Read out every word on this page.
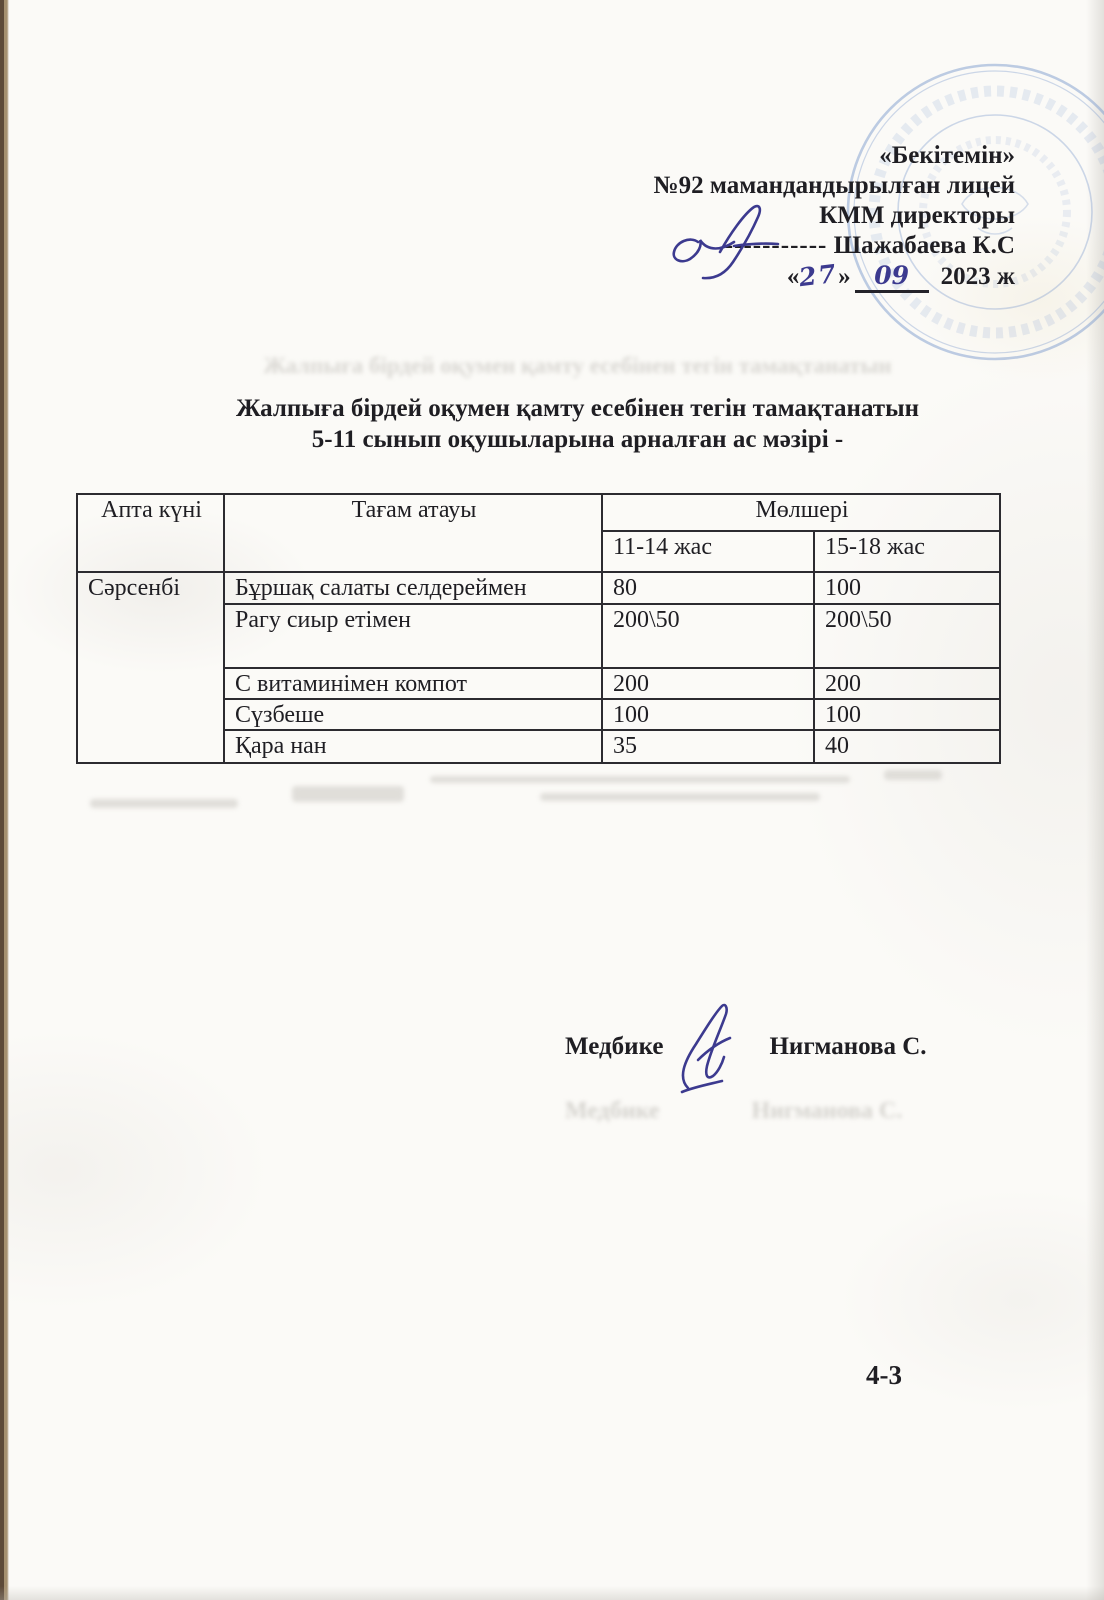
Жалпыға бірдей оқумен қамту есебінен тегін тамақтанатын
Медбике	Нигманова С.
«Бекітемін»
№92 мамандандырылған лицей
КММ директоры
----------- Шажабаева К.С
«27» 09 2023 ж
Жалпыға бірдей оқумен қамту есебінен тегін тамақтанатын
5-11 сынып оқушыларына арналған ас мәзірі -
Апта күні	Тағам атауы	Мөлшері	
		11-14 жас	15-18 жас
Сәрсенбі	Бұршақ салаты селдереймен	80	100
	Рагу сиыр етімен	200\50	200\50
	С витаминімен компот	200	200
	Сүзбеше	100	100
	Қара нан	35	40
Медбике	Нигманова С.
4-3
